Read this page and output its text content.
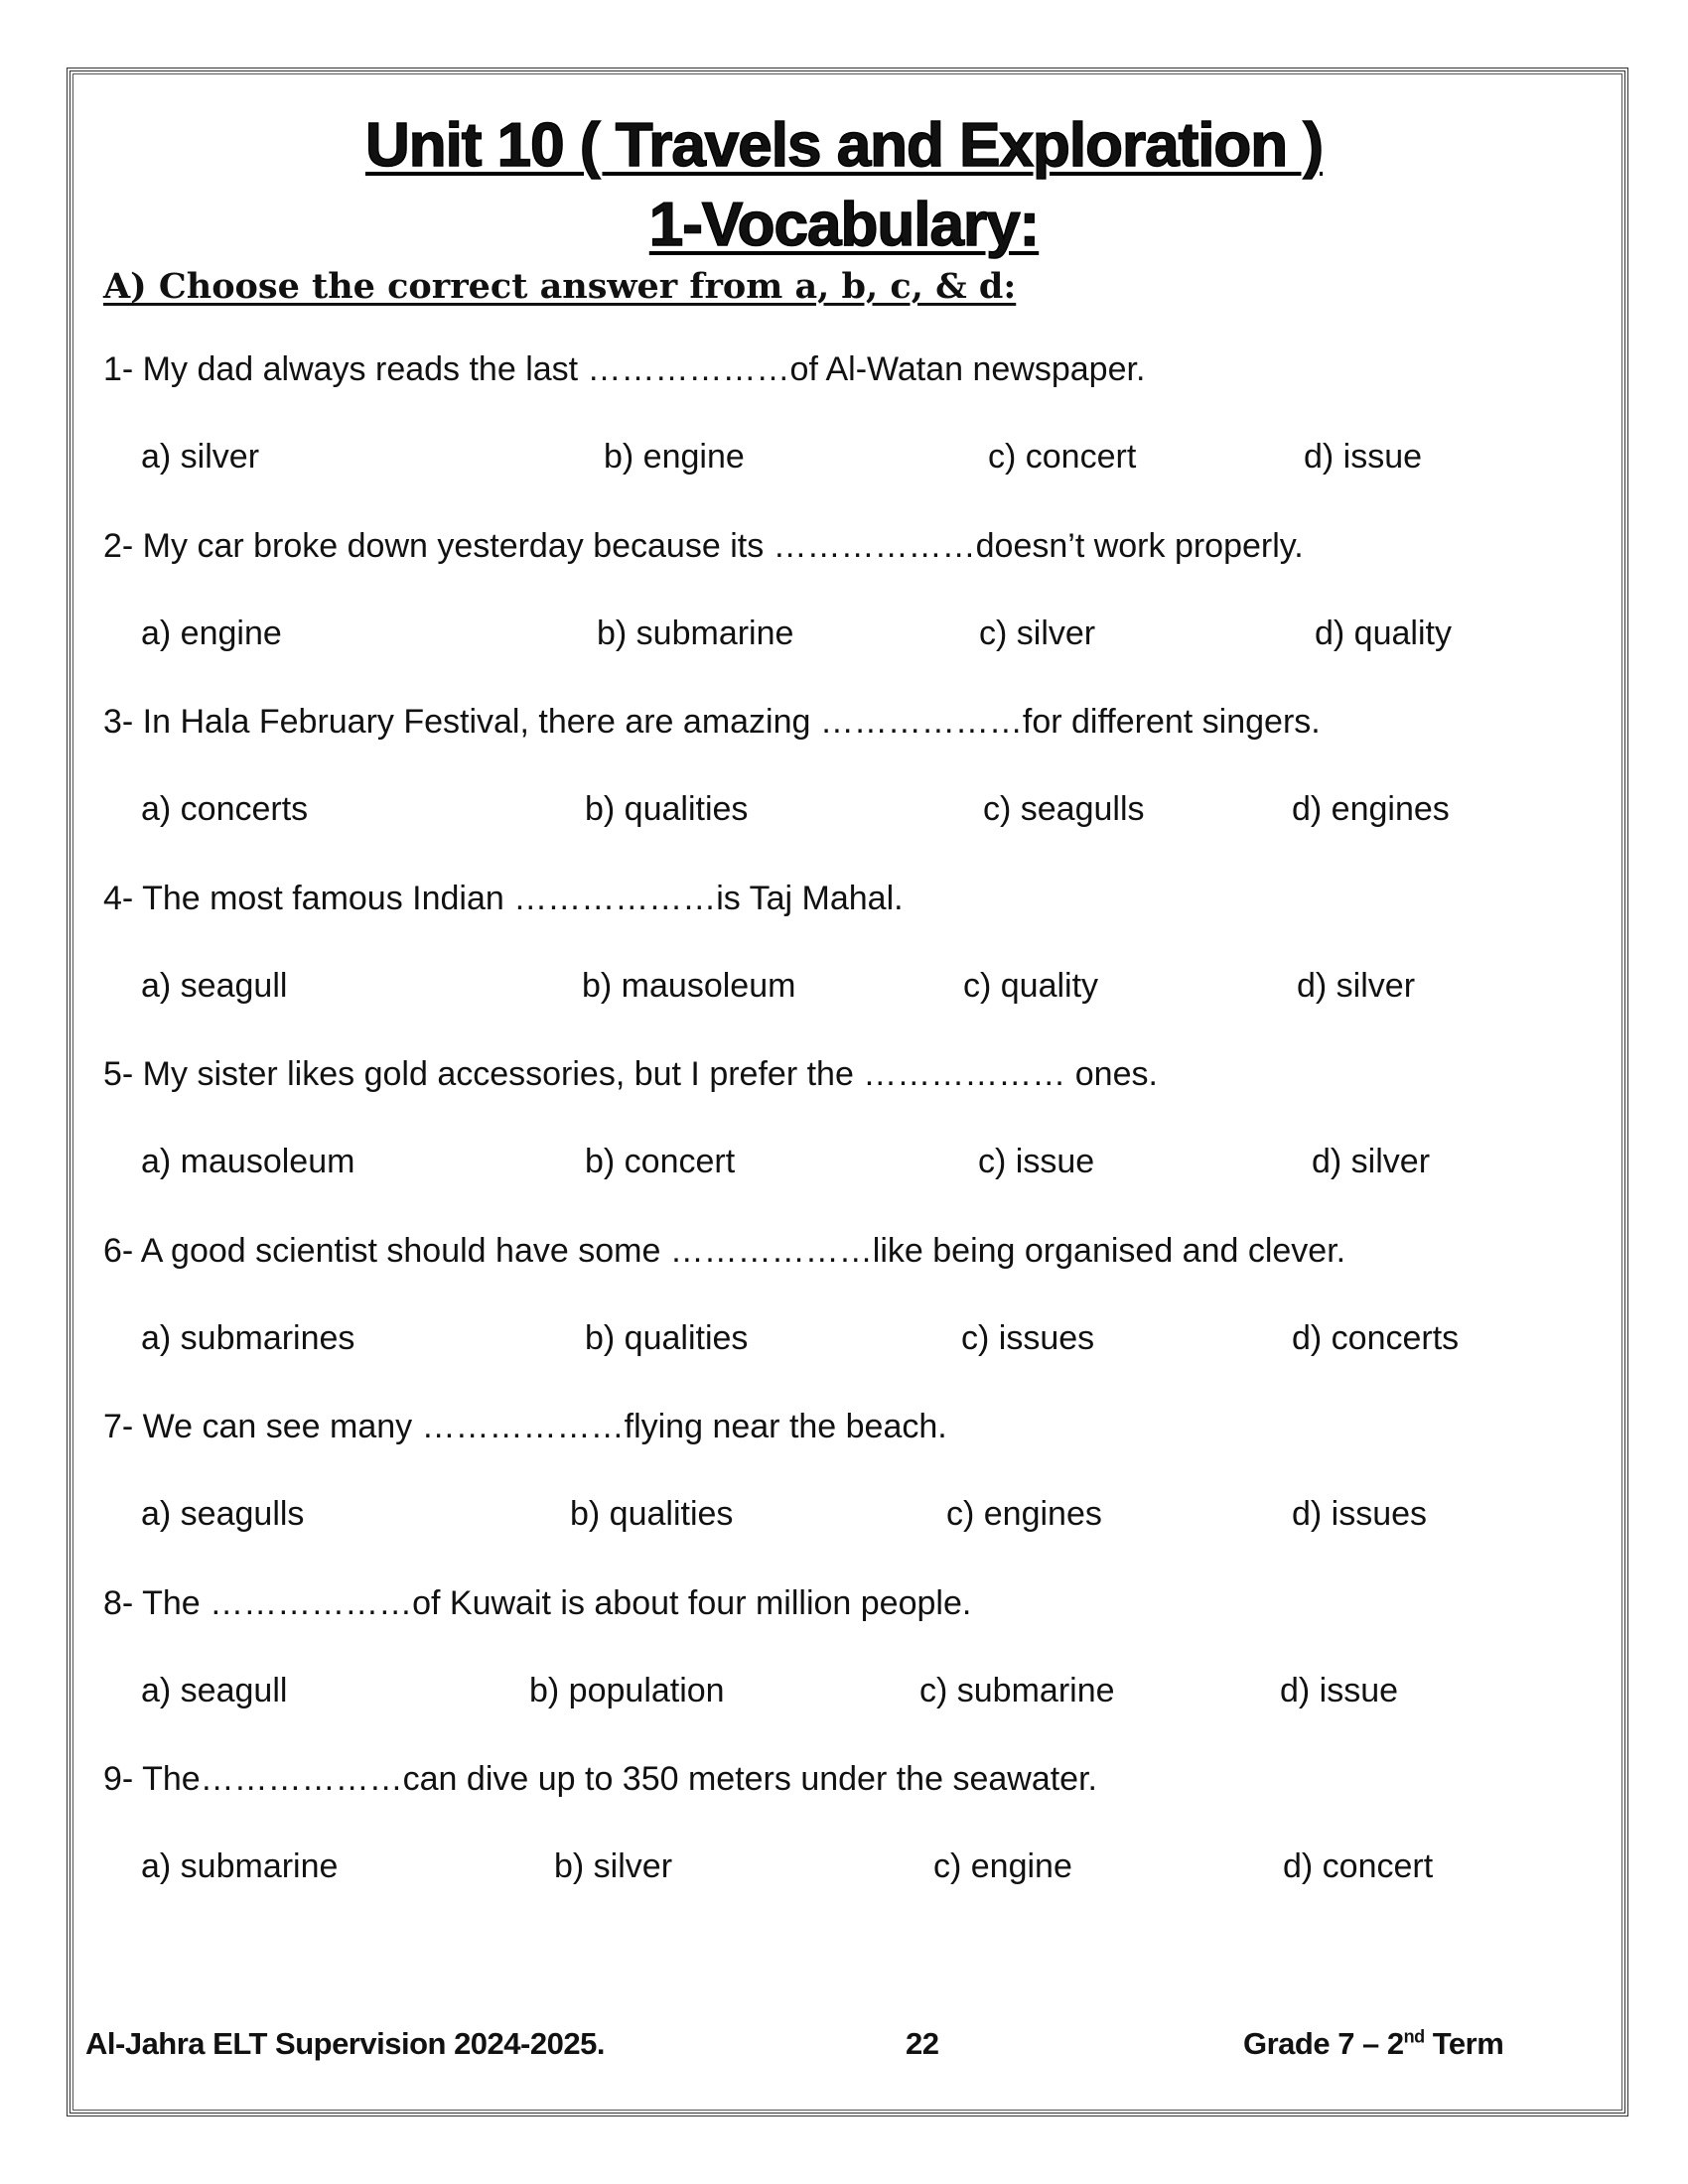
Unit 10 ( Travels and Exploration )
1-Vocabulary:
A) Choose the correct answer from a, b, c, & d:
1- My dad always reads the last ………………of Al-Watan newspaper.
a) silver	b) engine	c) concert	d) issue
2- My car broke down yesterday because its ………………doesn’t work properly.
a) engine	b) submarine	c) silver	d) quality
3- In Hala February Festival, there are amazing ………………for different singers.
a) concerts	b) qualities	c) seagulls	d) engines
4- The most famous Indian ………………is Taj Mahal.
a) seagull	b) mausoleum	c) quality	d) silver
5- My sister likes gold accessories, but I prefer the ……………… ones.
a) mausoleum	b) concert	c) issue	d) silver
6- A good scientist should have some ………………like being organised and clever.
a) submarines	b) qualities	c) issues	d) concerts
7- We can see many ………………flying near the beach.
a) seagulls	b) qualities	c) engines	d) issues
8- The ………………of Kuwait is about four million people.
a) seagull	b) population	c) submarine	d) issue
9- The………………can dive up to 350 meters under the seawater.
a) submarine	b) silver	c) engine	d) concert
Al-Jahra ELT Supervision 2024-2025.	22	Grade 7 – 2nd Term
